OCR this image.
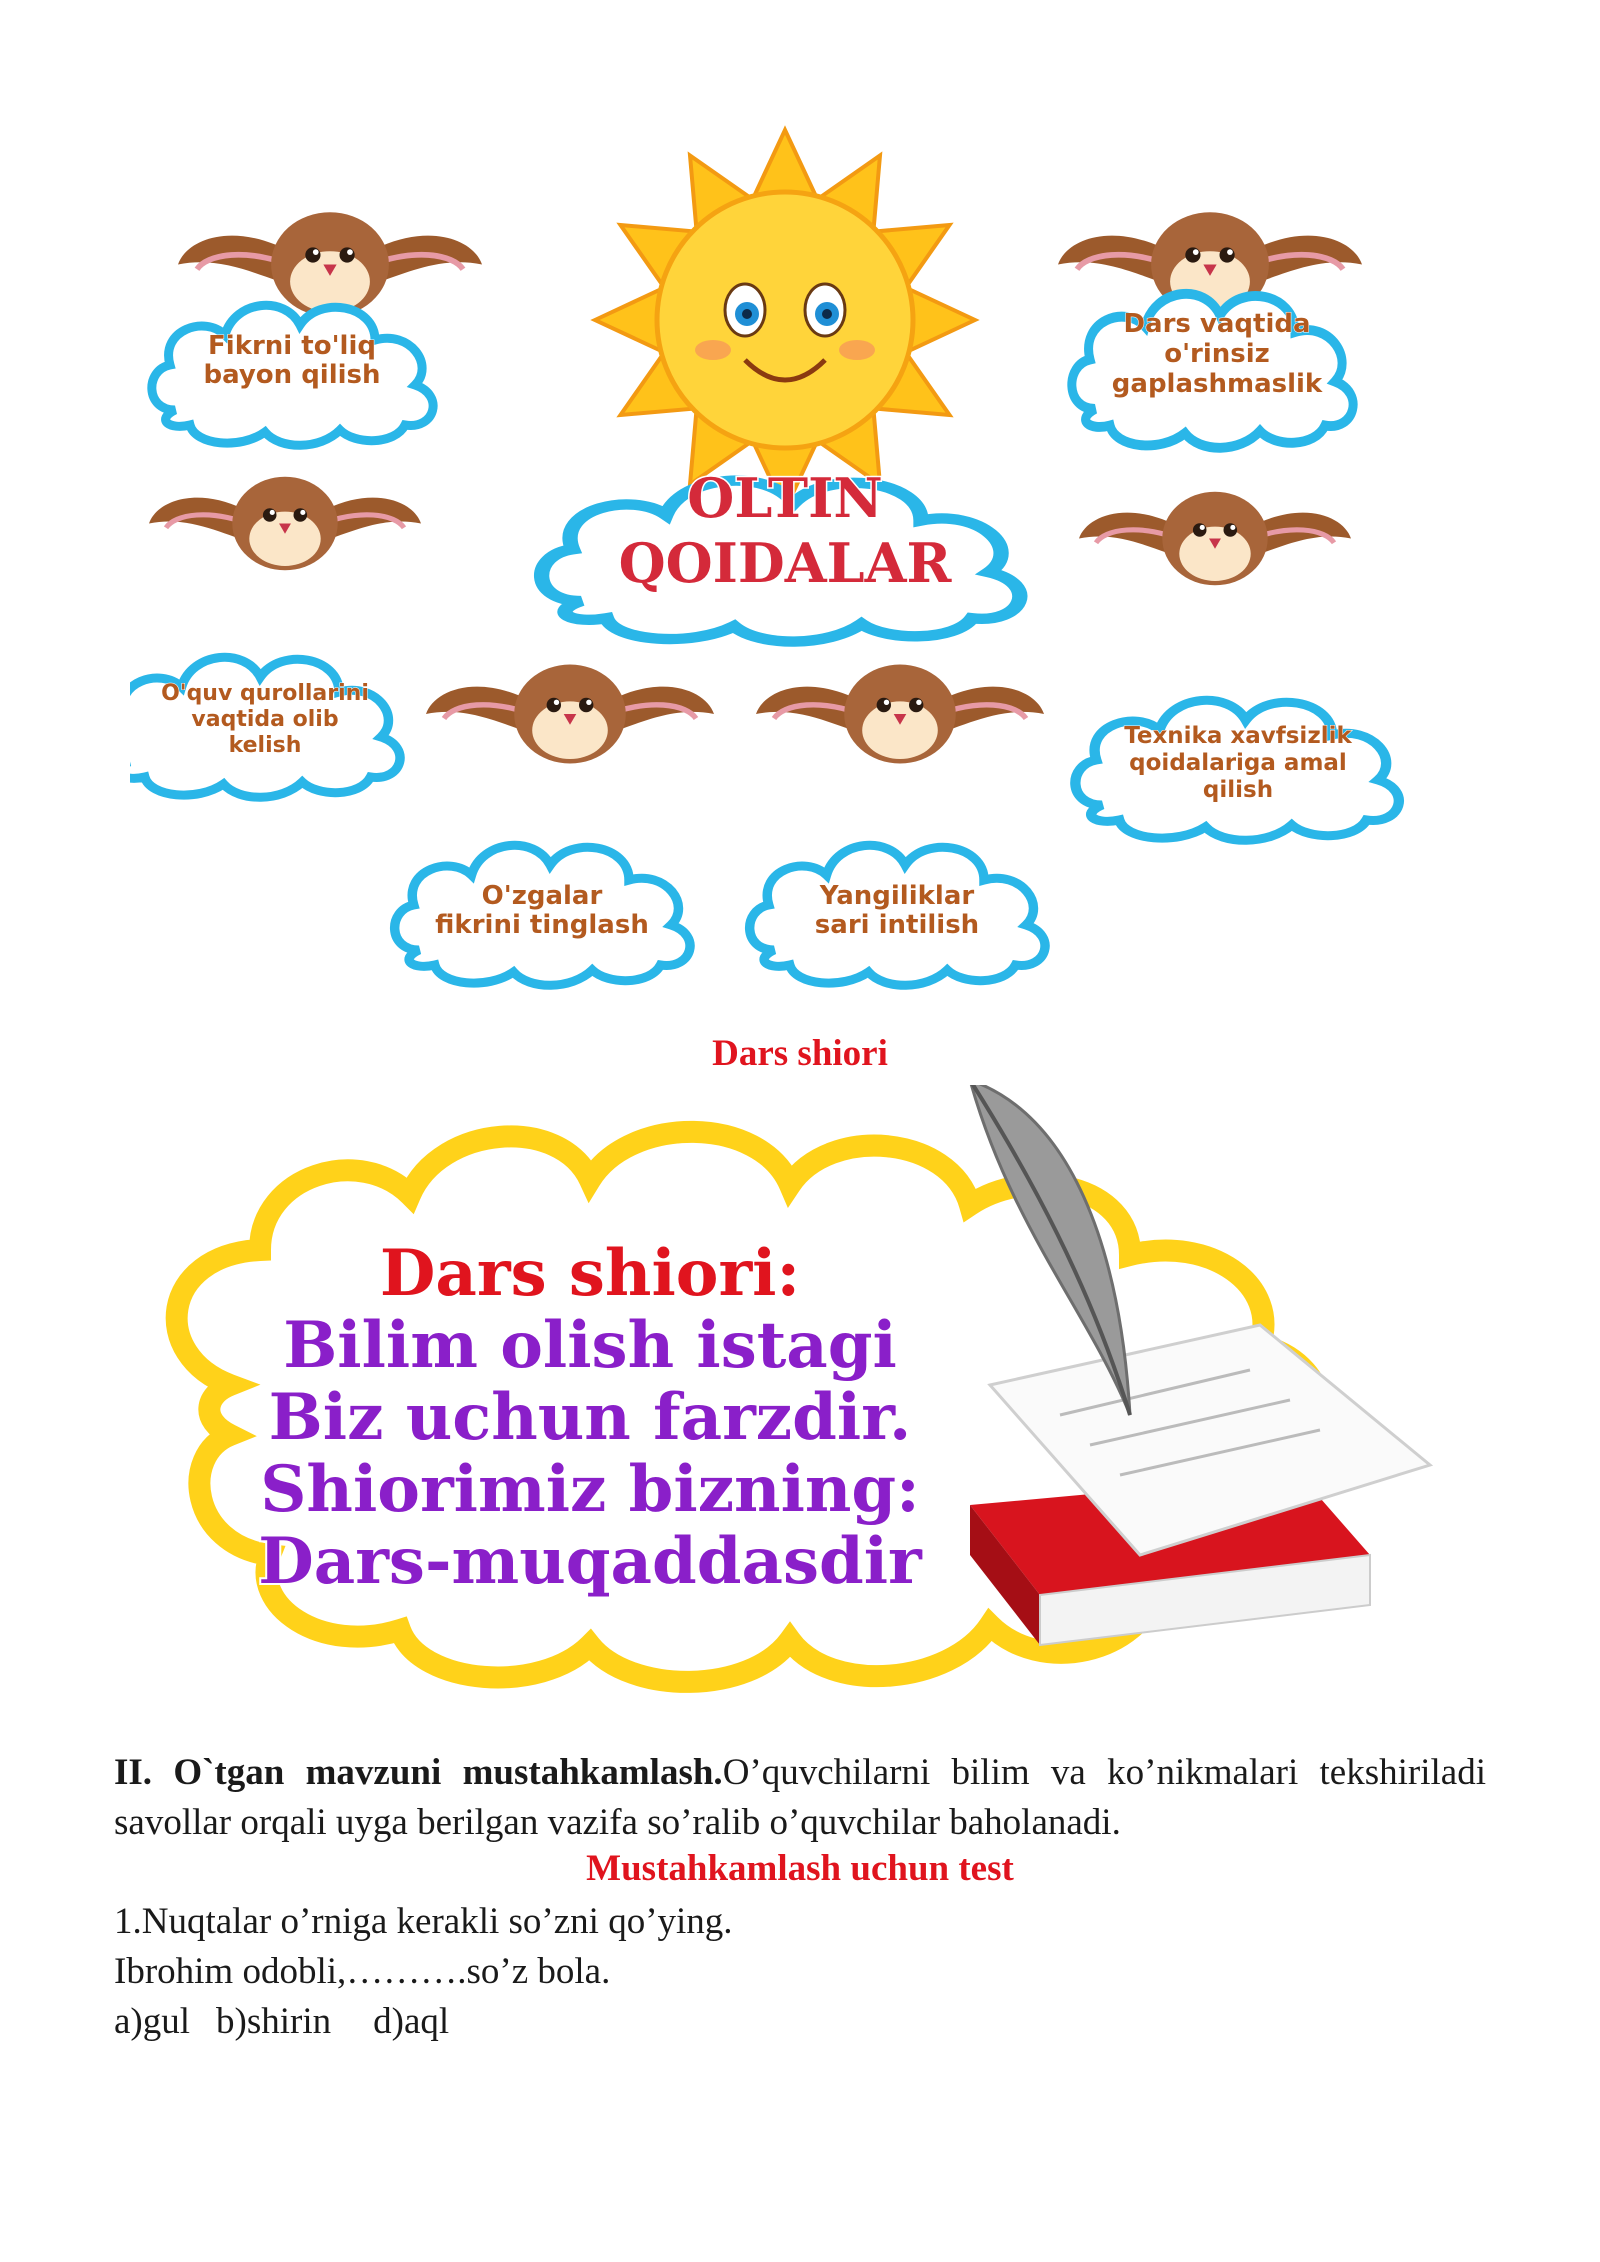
OLTIN
QOIDALAR
Fikrni to'liq
bayon qilish
Dars vaqtida
o'rinsiz
gaplashmaslik
O'quv qurollarini
vaqtida olib
kelish	Texnika xavfsizlik
qoidalariga amal
qilish
O'zgalar
fikrini tinglash
Yangiliklar
sari intilish
Dars shiori
Dars shiori:
Bilim olish istagi
Biz uchun farzdir.
Shiorimiz bizning:
Dars-muqaddasdir
II. O`tgan mavzuni mustahkamlash.O’quvchilarni bilim va ko’nikmalari tekshiriladi savollar orqali uyga berilgan vazifa so’ralib o’quvchilar baholanadi.
Mustahkamlash uchun test
1.Nuqtalar o’rniga kerakli so’zni qo’ying.
Ibrohim odobli,……….so’z bola.
a)gul b)shirin d)aql
